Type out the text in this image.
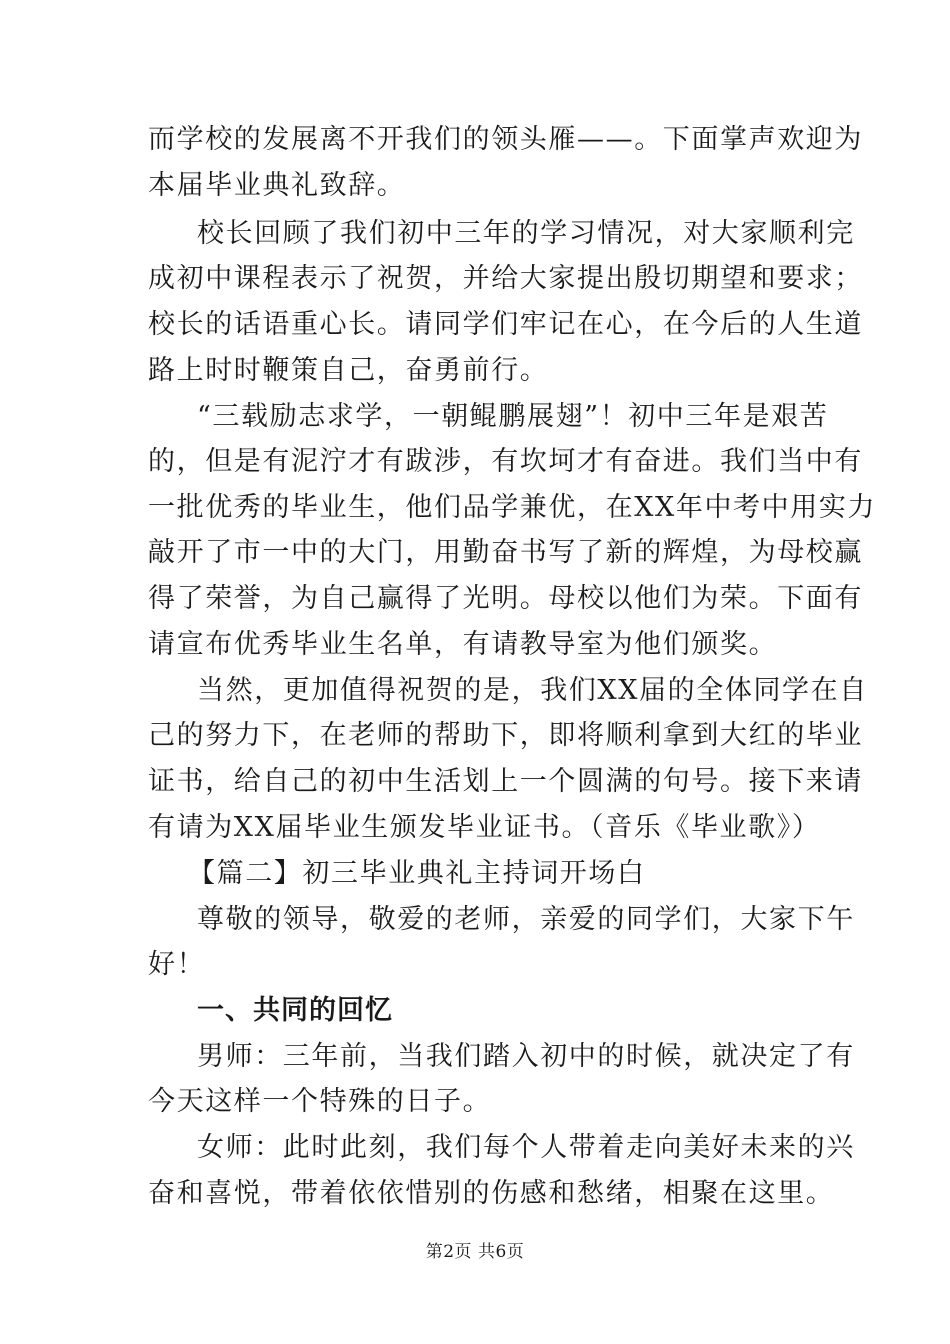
而学校的发展离不开我们的领头雁——。下面掌声欢迎为

本届毕业典礼致辞。

校长回顾了我们初中三年的学习情况，对大家顺利完

成初中课程表示了祝贺，并给大家提出殷切期望和要求；

校长的话语重心长。请同学们牢记在心，在今后的人生道

路上时时鞭策自己，奋勇前行。

“三载励志求学，一朝鲲鹏展翅”！初中三年是艰苦

的，但是有泥泞才有跋涉，有坎坷才有奋进。我们当中有

一批优秀的毕业生，他们品学兼优，在XX年中考中用实力

敲开了市一中的大门，用勤奋书写了新的辉煌，为母校赢

得了荣誉，为自己赢得了光明。母校以他们为荣。下面有

请宣布优秀毕业生名单，有请教导室为他们颁奖。

当然，更加值得祝贺的是，我们XX届的全体同学在自

己的努力下，在老师的帮助下，即将顺利拿到大红的毕业

证书，给自己的初中生活划上一个圆满的句号。接下来请

有请为XX届毕业生颁发毕业证书。（音乐《毕业歌》）

【篇二】初三毕业典礼主持词开场白

尊敬的领导，敬爱的老师，亲爱的同学们，大家下午

好！

一、共同的回忆

男师：三年前，当我们踏入初中的时候，就决定了有

今天这样一个特殊的日子。

女师：此时此刻，我们每个人带着走向美好未来的兴

奋和喜悦，带着依依惜别的伤感和愁绪，相聚在这里。

第2页 共6页
